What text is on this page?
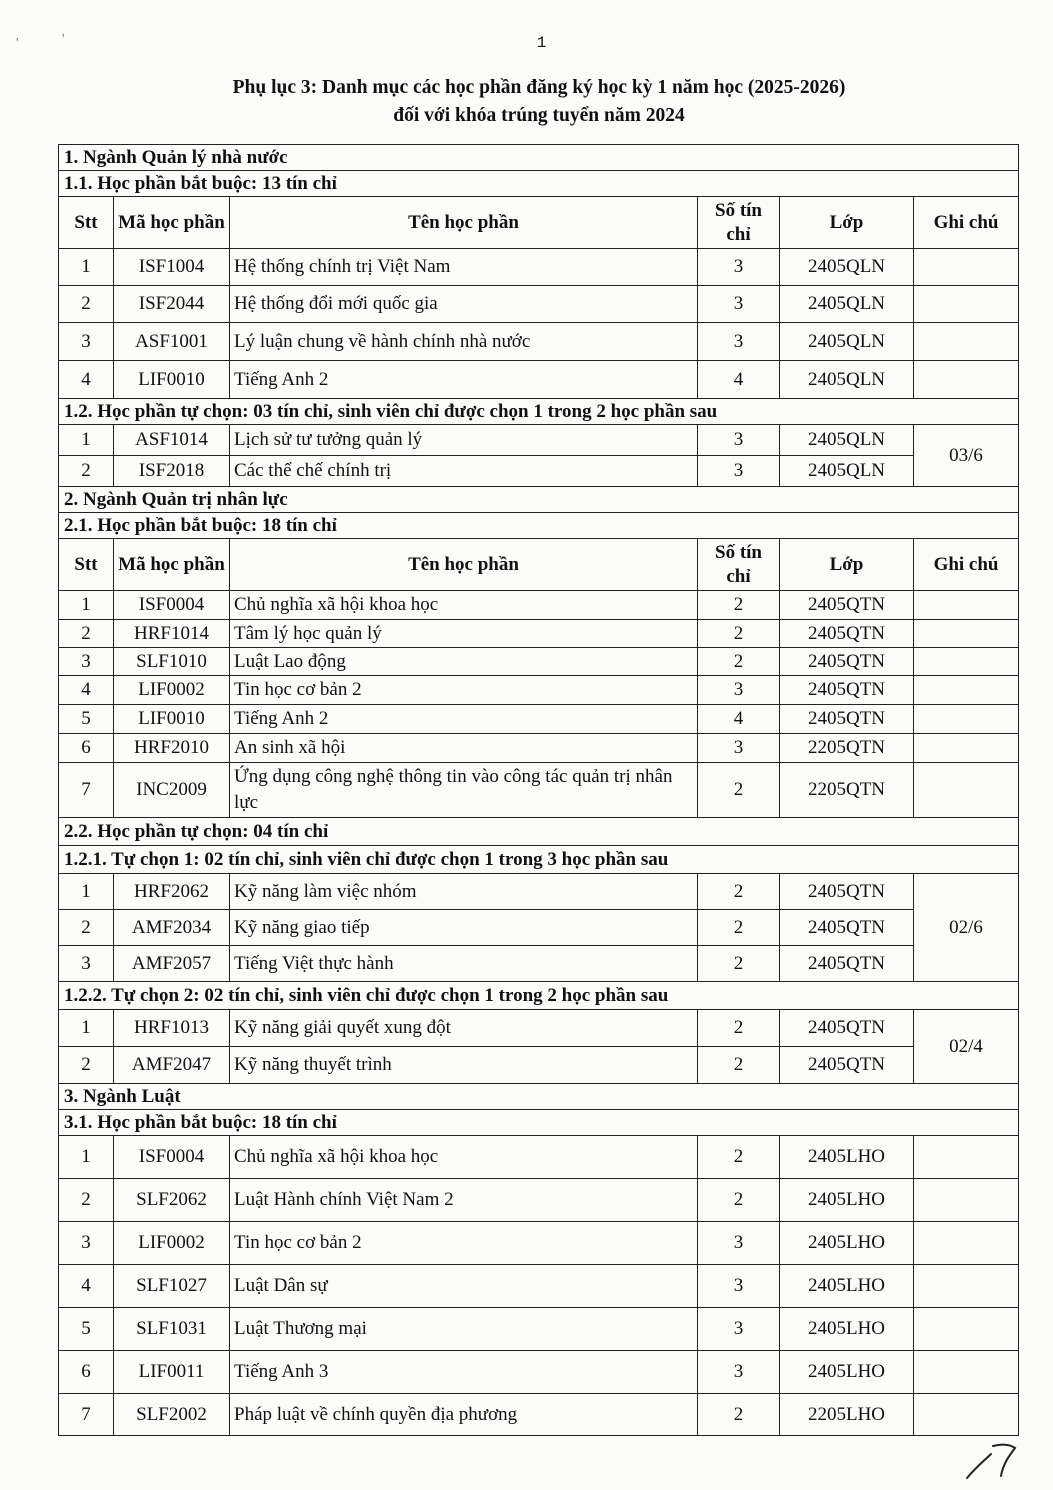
1
Phụ lục 3: Danh mục các học phần đăng ký học kỳ 1 năm học (2025-2026)
đối với khóa trúng tuyển năm 2024
'	'
1. Ngành Quản lý nhà nước					
1.1. Học phần bắt buộc: 13 tín chỉ					
Stt	Mã học phần	Tên học phần	Số tín chỉ	Lớp	Ghi chú
1	ISF1004	Hệ thống chính trị Việt Nam	3	2405QLN	
2	ISF2044	Hệ thống đổi mới quốc gia	3	2405QLN	
3	ASF1001	Lý luận chung về hành chính nhà nước	3	2405QLN	
4	LIF0010	Tiếng Anh 2	4	2405QLN	
1.2. Học phần tự chọn: 03 tín chỉ, sinh viên chỉ được chọn 1 trong 2 học phần sau					
1	ASF1014	Lịch sử tư tưởng quản lý	3	2405QLN	03/6
2	ISF2018	Các thể chế chính trị	3	2405QLN	
2. Ngành Quản trị nhân lực					
2.1. Học phần bắt buộc: 18 tín chỉ					
Stt	Mã học phần	Tên học phần	Số tín chỉ	Lớp	Ghi chú
1	ISF0004	Chủ nghĩa xã hội khoa học	2	2405QTN	
2	HRF1014	Tâm lý học quản lý	2	2405QTN	
3	SLF1010	Luật Lao động	2	2405QTN	
4	LIF0002	Tin học cơ bản 2	3	2405QTN	
5	LIF0010	Tiếng Anh 2	4	2405QTN	
6	HRF2010	An sinh xã hội	3	2205QTN	
7	INC2009	Ứng dụng công nghệ thông tin vào công tác quản trị nhân lực	2	2205QTN	
2.2. Học phần tự chọn: 04 tín chỉ					
1.2.1. Tự chọn 1: 02 tín chỉ, sinh viên chỉ được chọn 1 trong 3 học phần sau					
1	HRF2062	Kỹ năng làm việc nhóm	2	2405QTN	02/6
2	AMF2034	Kỹ năng giao tiếp	2	2405QTN	
3	AMF2057	Tiếng Việt thực hành	2	2405QTN	
1.2.2. Tự chọn 2: 02 tín chỉ, sinh viên chỉ được chọn 1 trong 2 học phần sau					
1	HRF1013	Kỹ năng giải quyết xung đột	2	2405QTN	02/4
2	AMF2047	Kỹ năng thuyết trình	2	2405QTN	
3. Ngành Luật					
3.1. Học phần bắt buộc: 18 tín chỉ					
1	ISF0004	Chủ nghĩa xã hội khoa học	2	2405LHO	
2	SLF2062	Luật Hành chính Việt Nam 2	2	2405LHO	
3	LIF0002	Tin học cơ bản 2	3	2405LHO	
4	SLF1027	Luật Dân sự	3	2405LHO	
5	SLF1031	Luật Thương mại	3	2405LHO	
6	LIF0011	Tiếng Anh 3	3	2405LHO	
7	SLF2002	Pháp luật về chính quyền địa phương	2	2205LHO	
